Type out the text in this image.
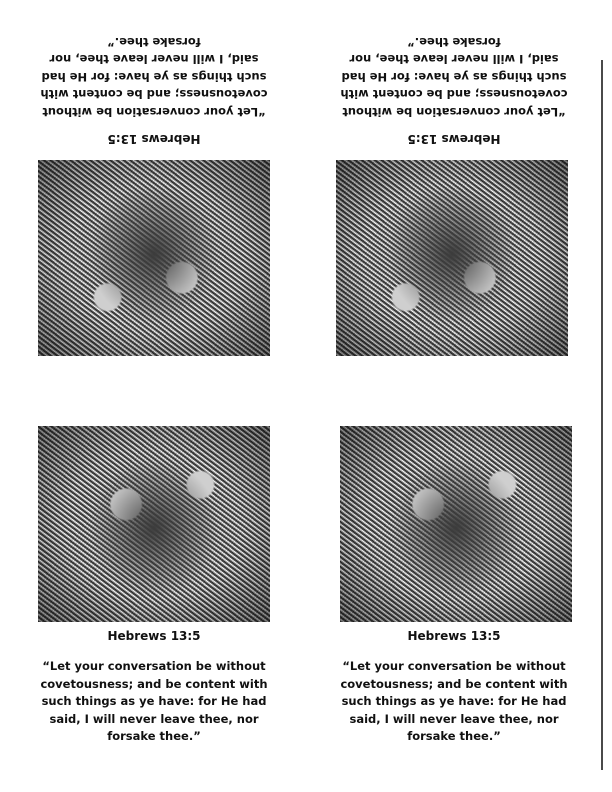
Hebrews 13:5
“Let your conversation be without
covetousness; and be content with
such things as ye have: for He had
said, I will never leave thee, nor
forsake thee.”
Hebrews 13:5
“Let your conversation be without
covetousness; and be content with
such things as ye have: for He had
said, I will never leave thee, nor
forsake thee.”
Hebrews 13:5
“Let your conversation be without
covetousness; and be content with
such things as ye have: for He had
said, I will never leave thee, nor
forsake thee.”
Hebrews 13:5
“Let your conversation be without
covetousness; and be content with
such things as ye have: for He had
said, I will never leave thee, nor
forsake thee.”
